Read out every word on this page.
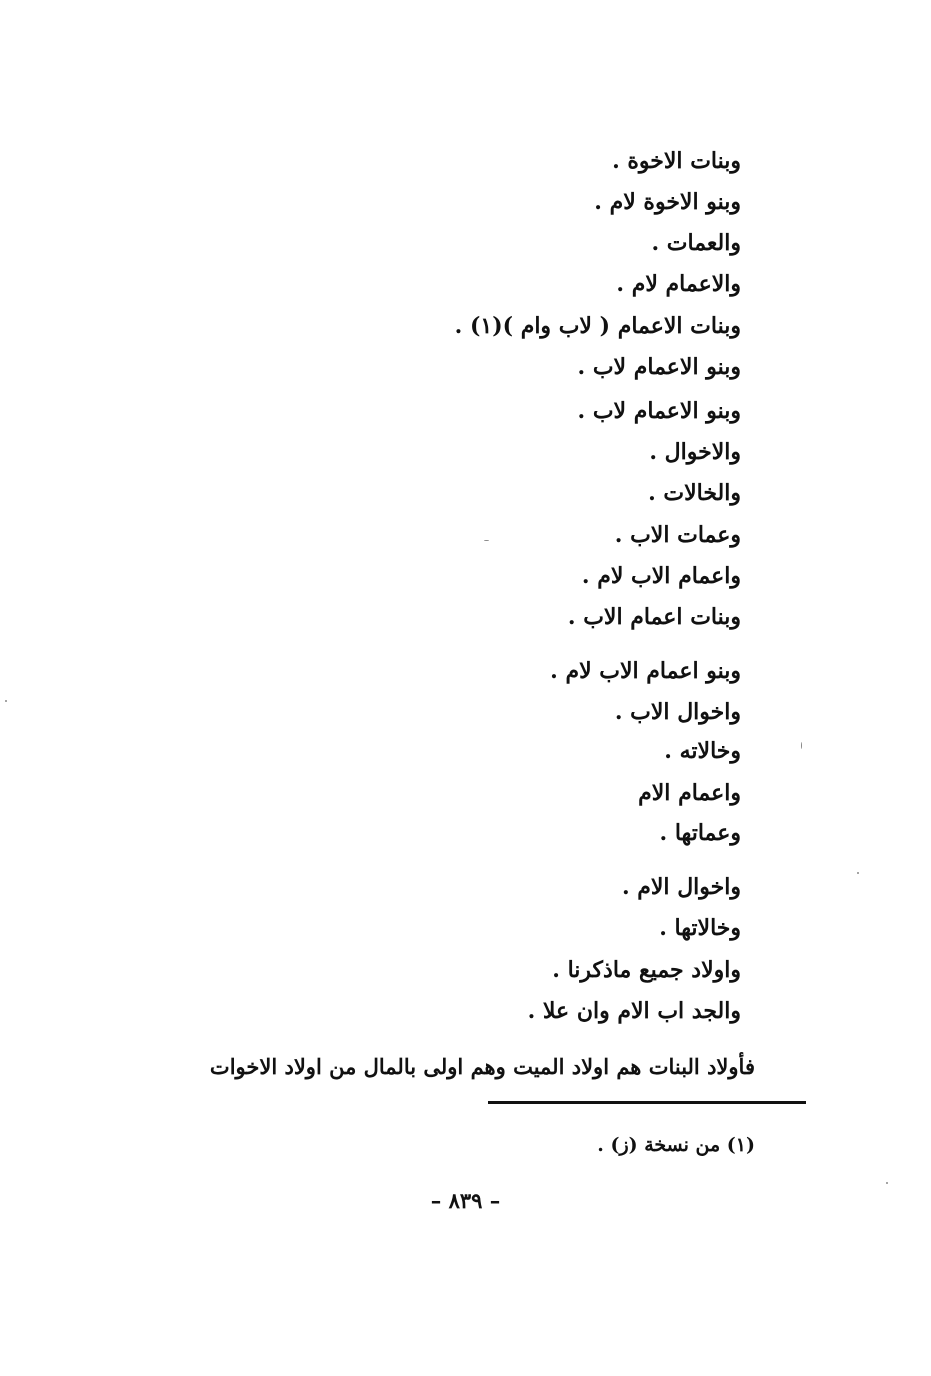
وبنات الاخوة .
وبنو الاخوة لام .
والعمات .
والاعمام لام .
وبنات الاعمام ( لاب وام )(١) .
وبنو الاعمام لاب .
وبنو الاعمام لاب .
والاخوال .
والخالات .
وعمات الاب .
واعمام الاب لام .
وبنات اعمام الاب .
وبنو اعمام الاب لام .
واخوال الاب .
وخالاته .
واعمام الام
وعماتها .
واخوال الام .
وخالاتها .
واولاد جميع ماذكرنا .
والجد اب الام وان علا .
فأولاد البنات هم اولاد الميت وهم اولى بالمال من اولاد الاخوات
(١) من نسخة (ز) .
– ٨٣٩ –
